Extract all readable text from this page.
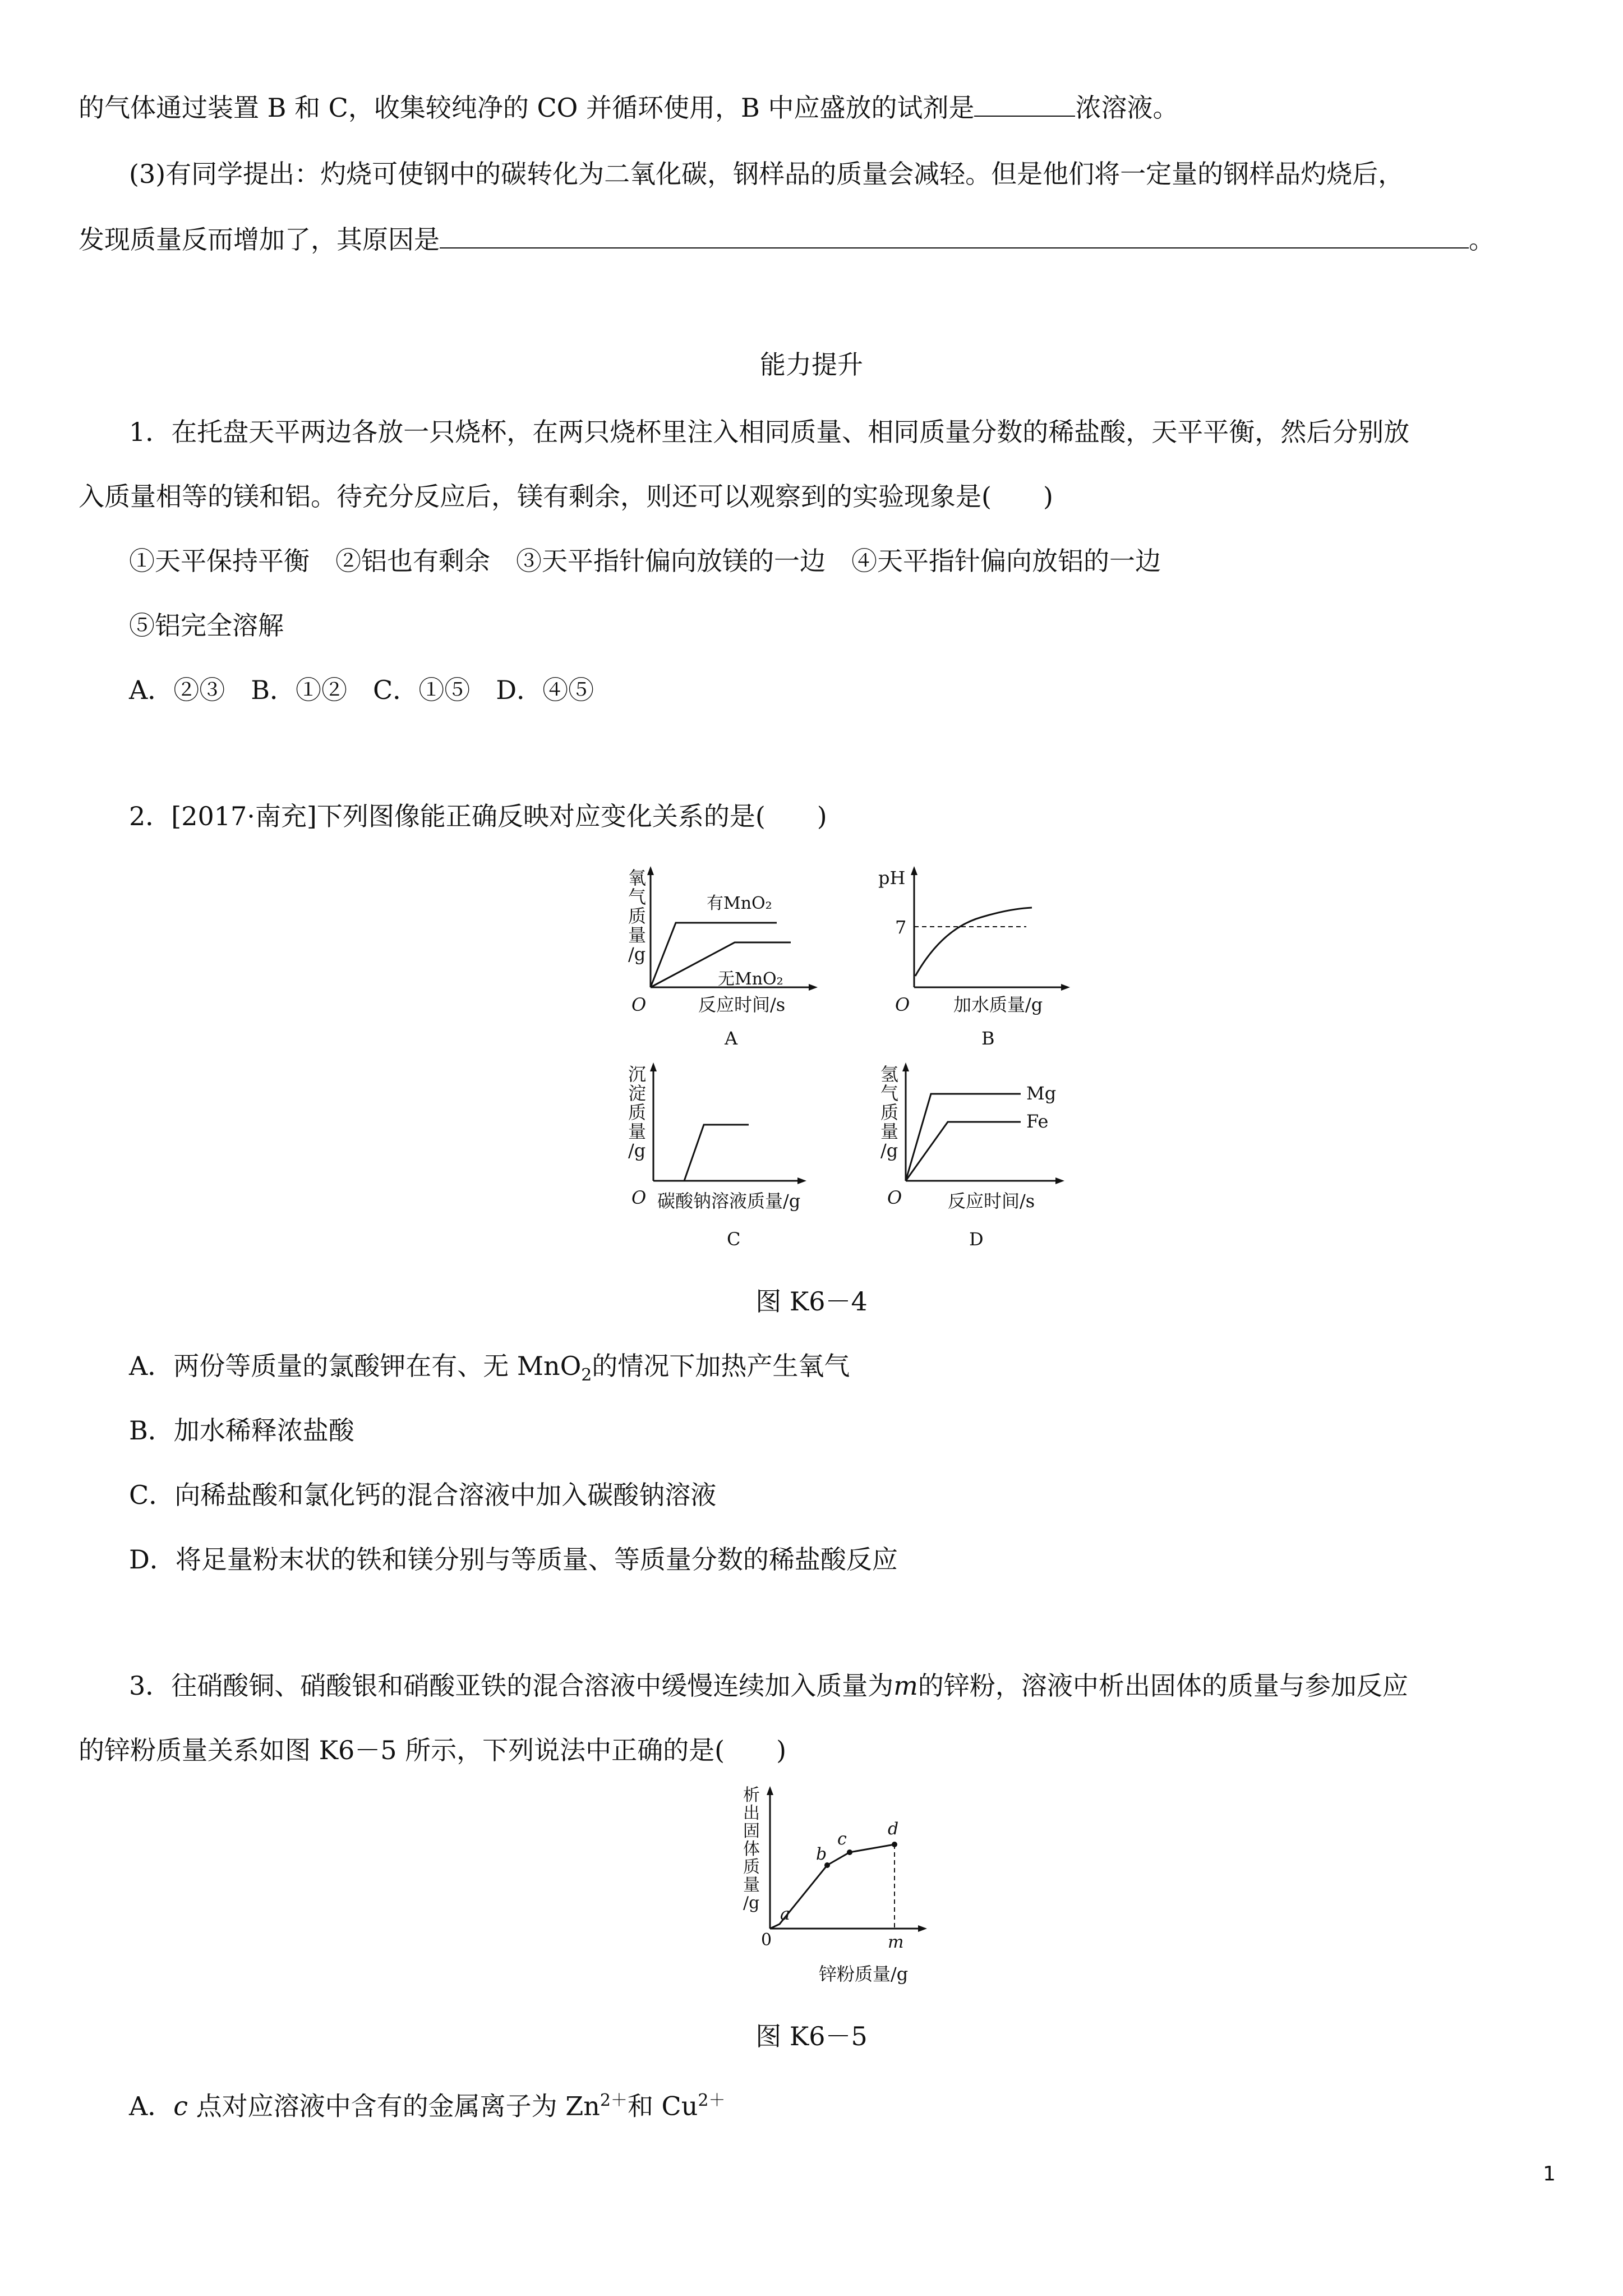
的气体通过装置 B 和 C，收集较纯净的 CO 并循环使用，B 中应盛放的试剂是	浓溶液。
(3)有同学提出：灼烧可使钢中的碳转化为二氧化碳，钢样品的质量会减轻。但是他们将一定量的钢样品灼烧后，
发现质量反而增加了，其原因是	。
能力提升
1．在托盘天平两边各放一只烧杯，在两只烧杯里注入相同质量、相同质量分数的稀盐酸，天平平衡，然后分别放
入质量相等的镁和铝。待充分反应后，镁有剩余，则还可以观察到的实验现象是(　　)
①天平保持平衡　②铝也有剩余　③天平指针偏向放镁的一边　④天平指针偏向放铝的一边
⑤铝完全溶解
A．②③　B．①②　C．①⑤　D．④⑤
2．[2017·南充]下列图像能正确反映对应变化关系的是(　　)
氧
气
质
量
/g
有MnO₂
无MnO₂
O	反应时间/s
A
pH
7
O 加水质量/g
B
沉
淀
质
量
/g
O 碳酸钠溶液质量/g
C
氢
气
质
量
/g
Mg
Fe
O	反应时间/s
D
图 K6－4
A．两份等质量的氯酸钾在有、无 MnO$_2$的情况下加热产生氧气
B．加水稀释浓盐酸
C．向稀盐酸和氯化钙的混合溶液中加入碳酸钠溶液
D．将足量粉末状的铁和镁分别与等质量、等质量分数的稀盐酸反应
3．往硝酸铜、硝酸银和硝酸亚铁的混合溶液中缓慢连续加入质量为m的锌粉，溶液中析出固体的质量与参加反应
的锌粉质量关系如图 K6－5 所示，下列说法中正确的是(　　)
析
出
固
体
质
量
/g
a
b
c
d
0	m
锌粉质量/g
图 K6－5
A．c 点对应溶液中含有的金属离子为 $Zn^{2+}$和 $Cu^{2+}$
1
